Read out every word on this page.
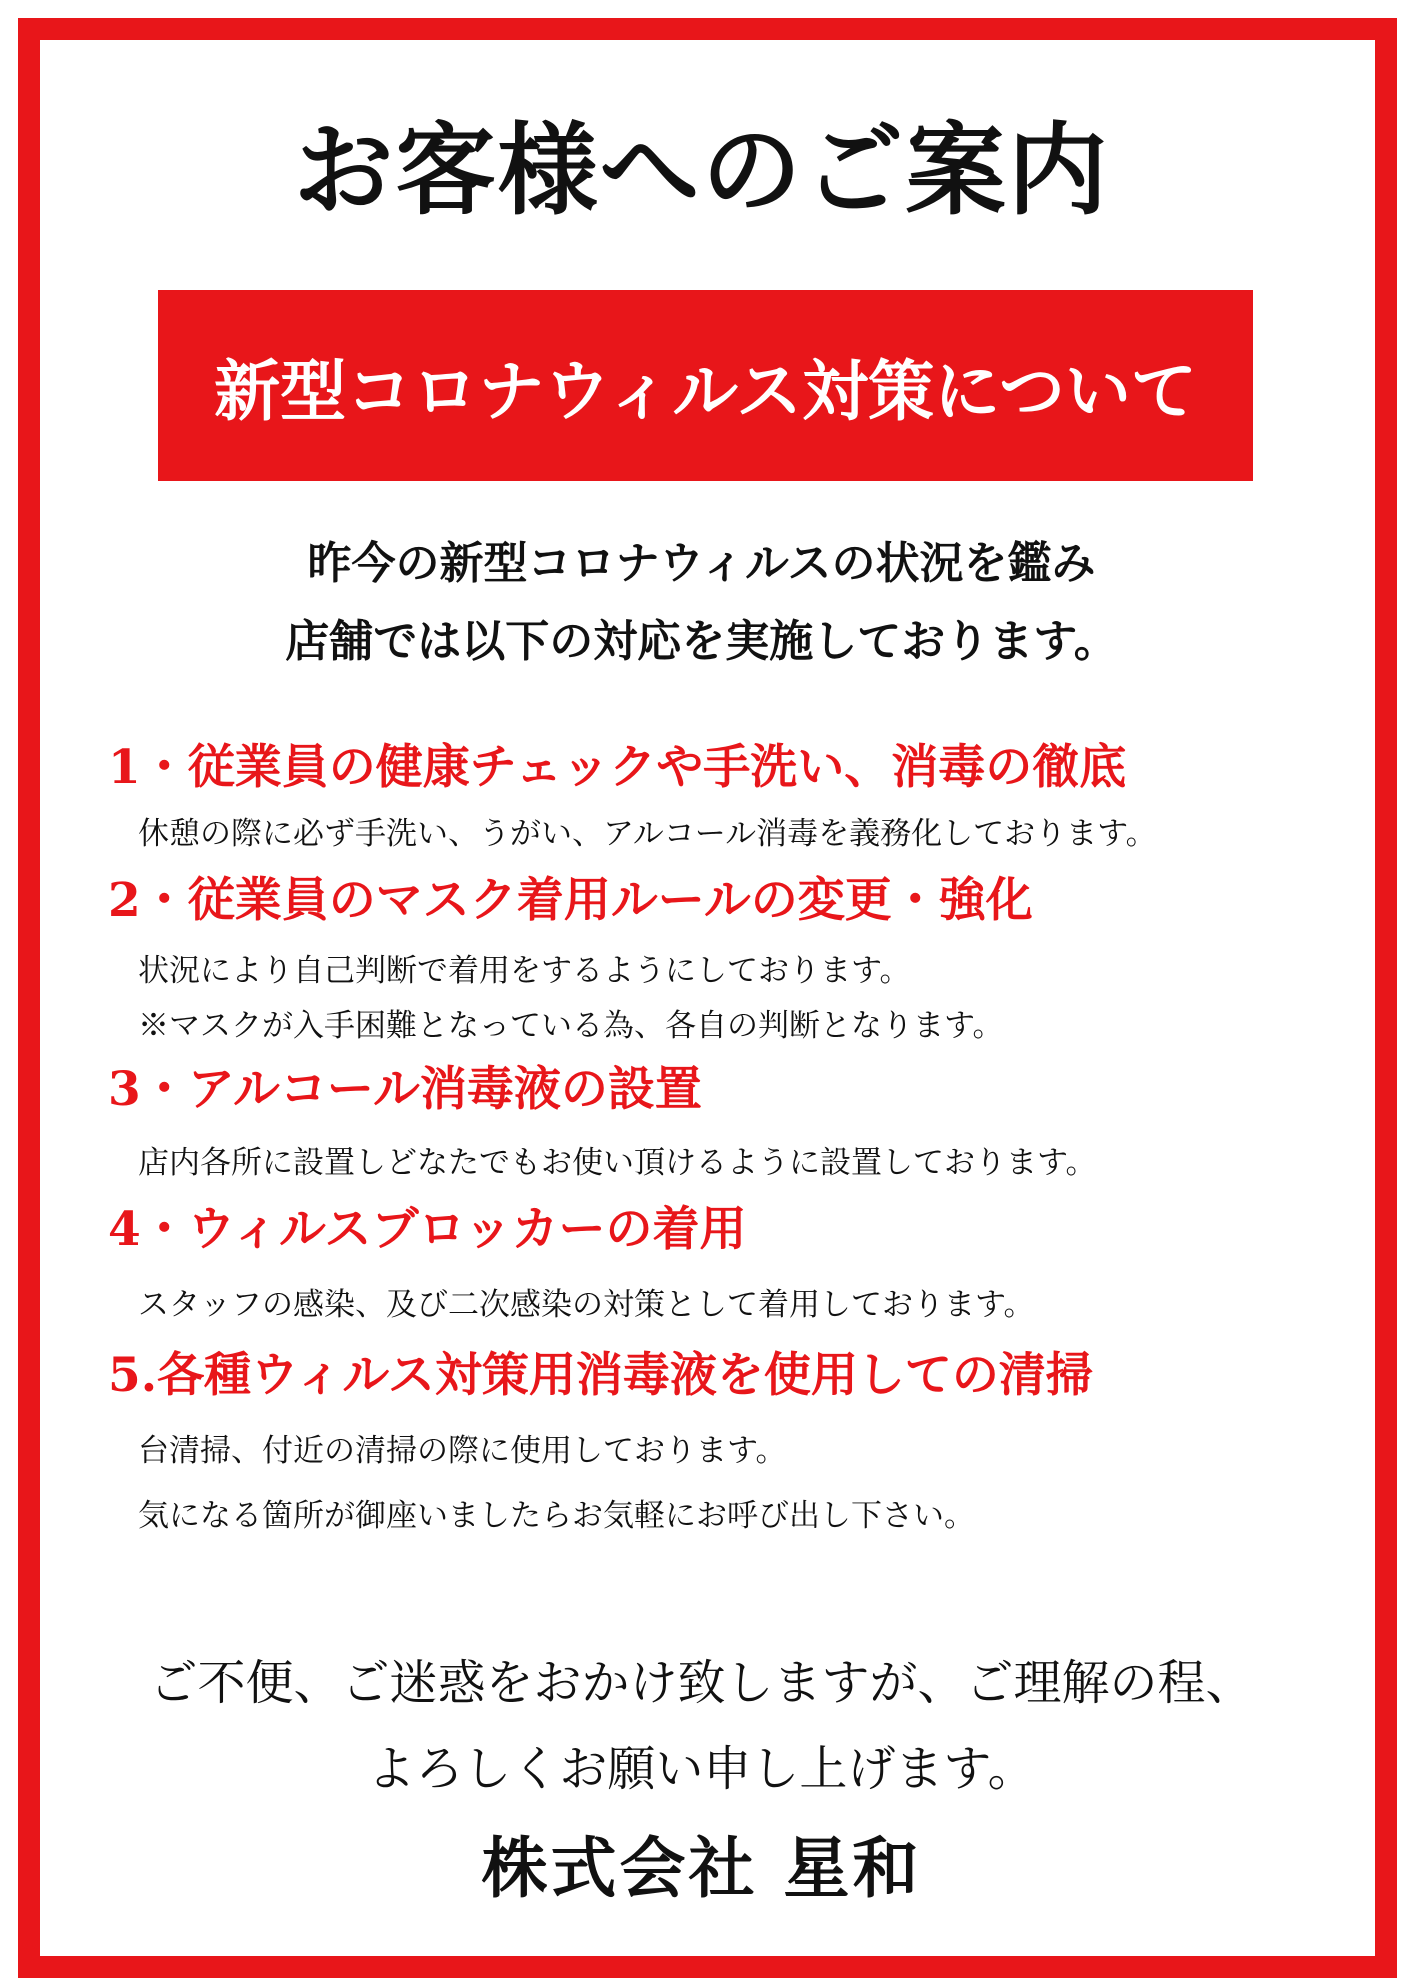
お客様へのご案内
新型コロナウィルス対策について
昨今の新型コロナウィルスの状況を鑑み
店舗では以下の対応を実施しております。
1・従業員の健康チェックや手洗い、消毒の徹底
休憩の際に必ず手洗い、うがい、アルコール消毒を義務化しております。
2・従業員のマスク着用ルールの変更・強化
状況により自己判断で着用をするようにしております。
※マスクが入手困難となっている為、各自の判断となります。
3・アルコール消毒液の設置
店内各所に設置しどなたでもお使い頂けるように設置しております。
4・ウィルスブロッカーの着用
スタッフの感染、及び二次感染の対策として着用しております。
5.各種ウィルス対策用消毒液を使用しての清掃
台清掃、付近の清掃の際に使用しております。
気になる箇所が御座いましたらお気軽にお呼び出し下さい。
ご不便、ご迷惑をおかけ致しますが、ご理解の程、
よろしくお願い申し上げます。
株式会社 星和
